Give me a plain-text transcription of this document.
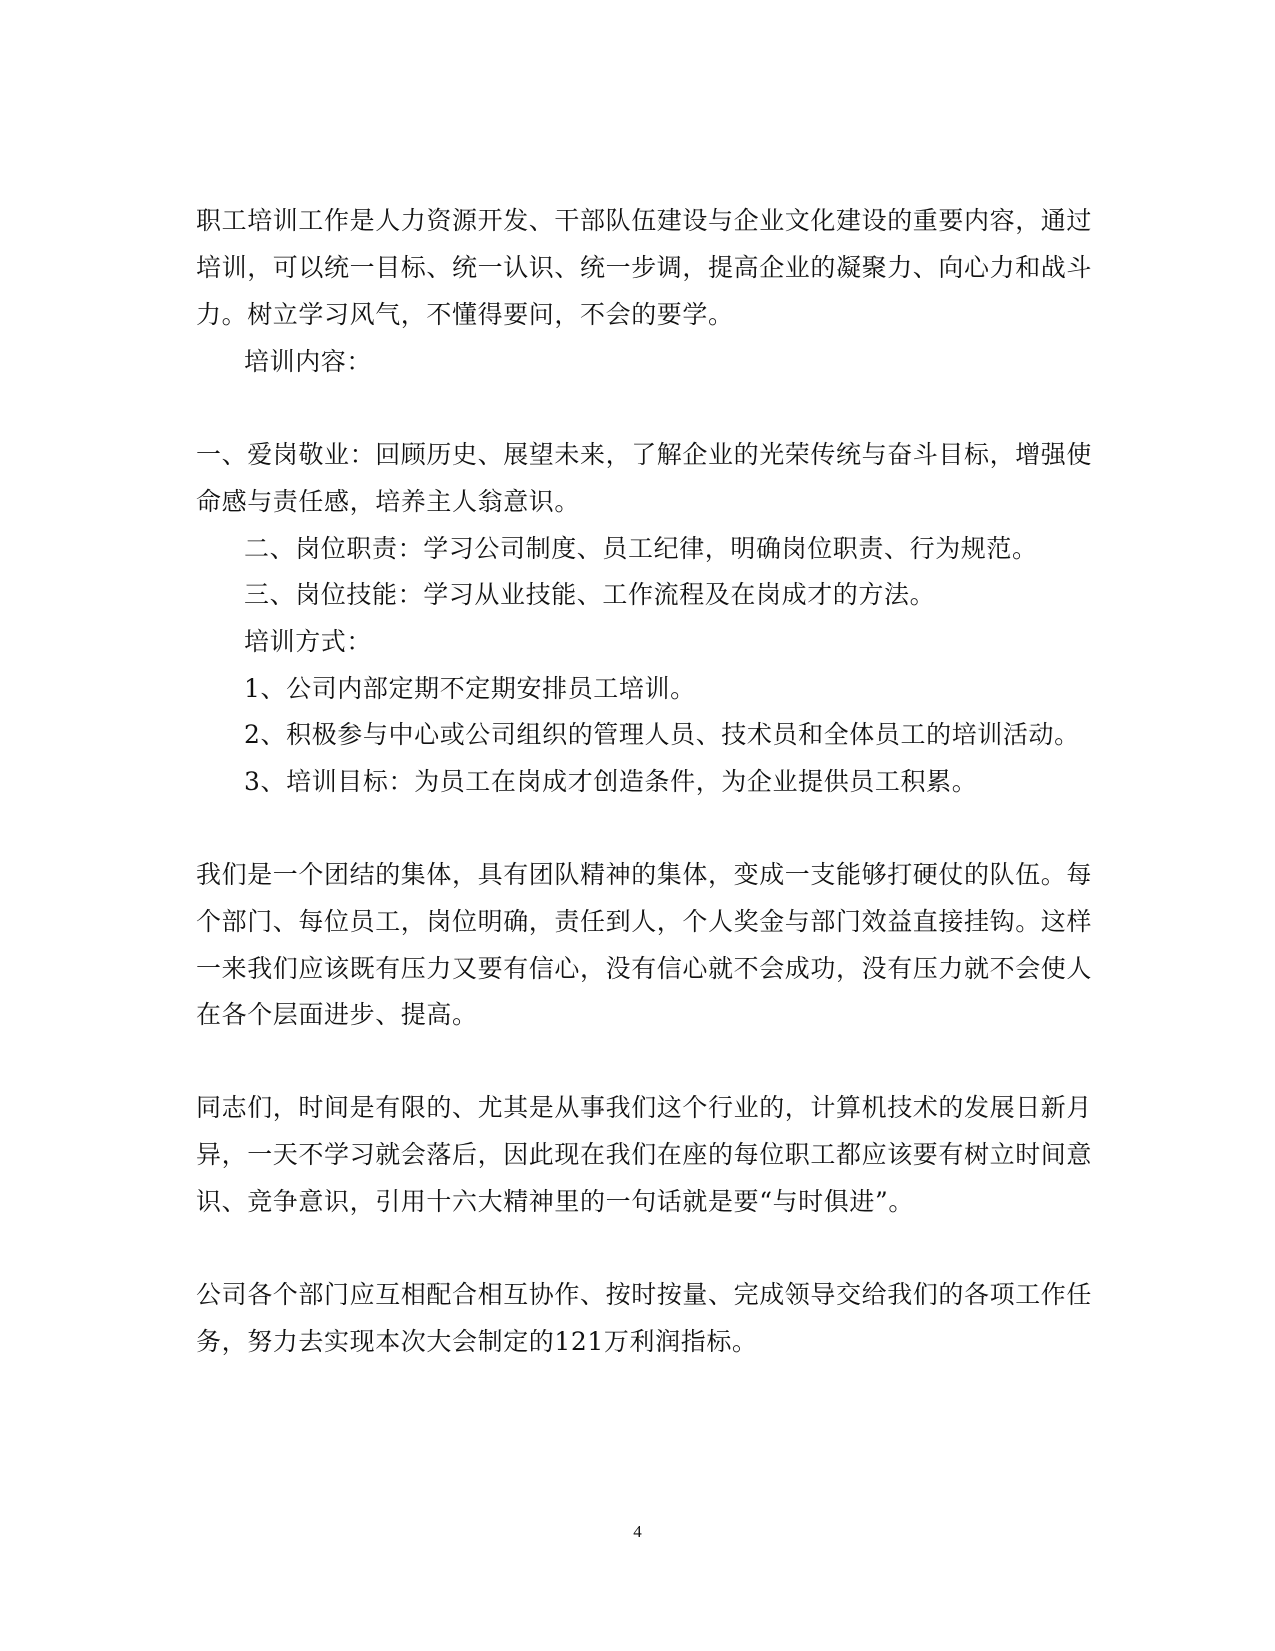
职工培训工作是人力资源开发、干部队伍建设与企业文化建设的重要内容，通过
培训，可以统一目标、统一认识、统一步调，提高企业的凝聚力、向心力和战斗
力。树立学习风气，不懂得要问，不会的要学。
培训内容：
一、爱岗敬业：回顾历史、展望未来，了解企业的光荣传统与奋斗目标，增强使
命感与责任感，培养主人翁意识。
二、岗位职责：学习公司制度、员工纪律，明确岗位职责、行为规范。
三、岗位技能：学习从业技能、工作流程及在岗成才的方法。
培训方式：
1、公司内部定期不定期安排员工培训。
2、积极参与中心或公司组织的管理人员、技术员和全体员工的培训活动。
3、培训目标：为员工在岗成才创造条件，为企业提供员工积累。
我们是一个团结的集体，具有团队精神的集体，变成一支能够打硬仗的队伍。每
个部门、每位员工，岗位明确，责任到人，个人奖金与部门效益直接挂钩。这样
一来我们应该既有压力又要有信心，没有信心就不会成功，没有压力就不会使人
在各个层面进步、提高。
同志们，时间是有限的、尤其是从事我们这个行业的，计算机技术的发展日新月
异，一天不学习就会落后，因此现在我们在座的每位职工都应该要有树立时间意
识、竞争意识，引用十六大精神里的一句话就是要“与时俱进”。
公司各个部门应互相配合相互协作、按时按量、完成领导交给我们的各项工作任
务，努力去实现本次大会制定的121万利润指标。
4
